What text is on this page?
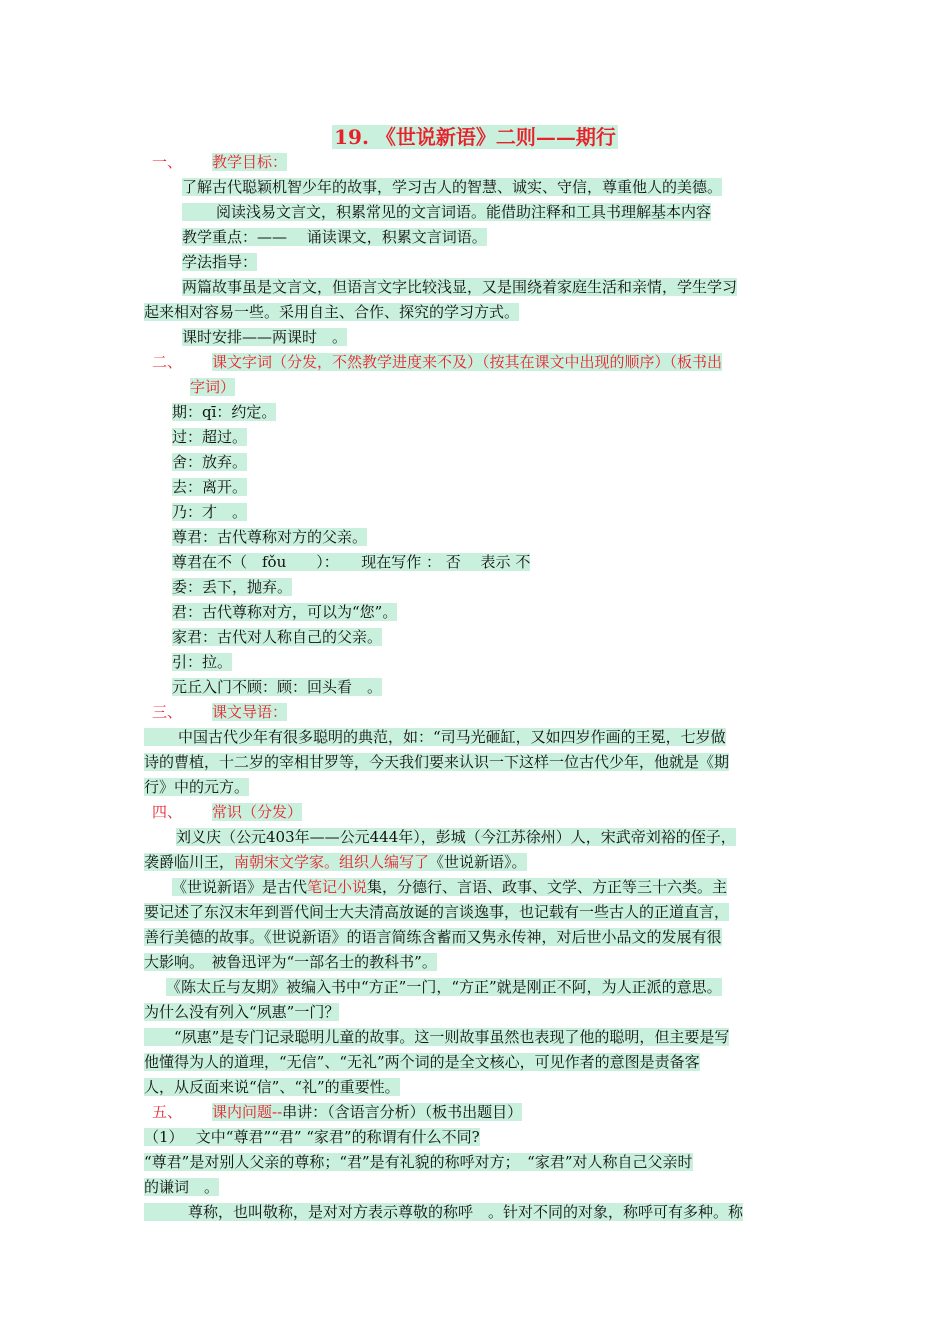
19. 《世说新语》二则——期行
一、 教学目标：
了解古代聪颖机智少年的故事，学习古人的智慧、诚实、守信，尊重他人的美德。
阅读浅易文言文，积累常见的文言词语。能借助注释和工具书理解基本内容
教学重点：——　 诵读课文，积累文言词语。
学法指导：
两篇故事虽是文言文，但语言文字比较浅显，又是围绕着家庭生活和亲情，学生学习
起来相对容易一些。采用自主、合作、探究的学习方式。
课时安排——两课时　。
二、 课文字词（分发，不然教学进度来不及）（按其在课文中出现的顺序）（板书出
字词）
期：qī：约定。
过：超过。
舍：放弃。
去：离开。
乃：才　。
尊君：古代尊称对方的父亲。
尊君在不（　fǒu　　）：　　现在写作 ： 否　 表示 不
委：丢下，抛弃。
君：古代尊称对方，可以为“您”。
家君：古代对人称自己的父亲。
引：拉。
元丘入门不顾：顾：回头看　。
三、 课文导语：
中国古代少年有很多聪明的典范，如：“司马光砸缸，又如四岁作画的王冕，七岁做
诗的曹植，十二岁的宰相甘罗等，今天我们要来认识一下这样一位古代少年，他就是《期
行》中的元方。
四、 常识（分发）
刘义庆（公元403年——公元444年），彭城（今江苏徐州）人，宋武帝刘裕的侄子，
袭爵临川王，南朝宋文学家。组织人编写了《世说新语》。
《世说新语》是古代笔记小说集，分德行、言语、政事、文学、方正等三十六类。主
要记述了东汉末年到晋代间士大夫清高放诞的言谈逸事，也记载有一些古人的正道直言，
善行美德的故事。《世说新语》的语言简练含蓄而又隽永传神，对后世小品文的发展有很
大影响。　被鲁迅评为“一部名士的教科书”。
《陈太丘与友期》被编入书中“方正”一门，“方正”就是刚正不阿，为人正派的意思。
为什么没有列入“夙惠”一门？
“夙惠”是专门记录聪明儿童的故事。这一则故事虽然也表现了他的聪明，但主要是写
他懂得为人的道理，“无信”、“无礼”两个词的是全文核心，可见作者的意图是责备客
人，从反面来说“信”、“礼”的重要性。
五、 课内问题--串讲：（含语言分析）（板书出题目）
（1）　 文中“尊君”“君” “家君”的称谓有什么不同?
“尊君”是对别人父亲的尊称；“君”是有礼貌的称呼对方；　“家君”对人称自己父亲时
的谦词　。
尊称，也叫敬称，是对对方表示尊敬的称呼　。针对不同的对象，称呼可有多种。称
